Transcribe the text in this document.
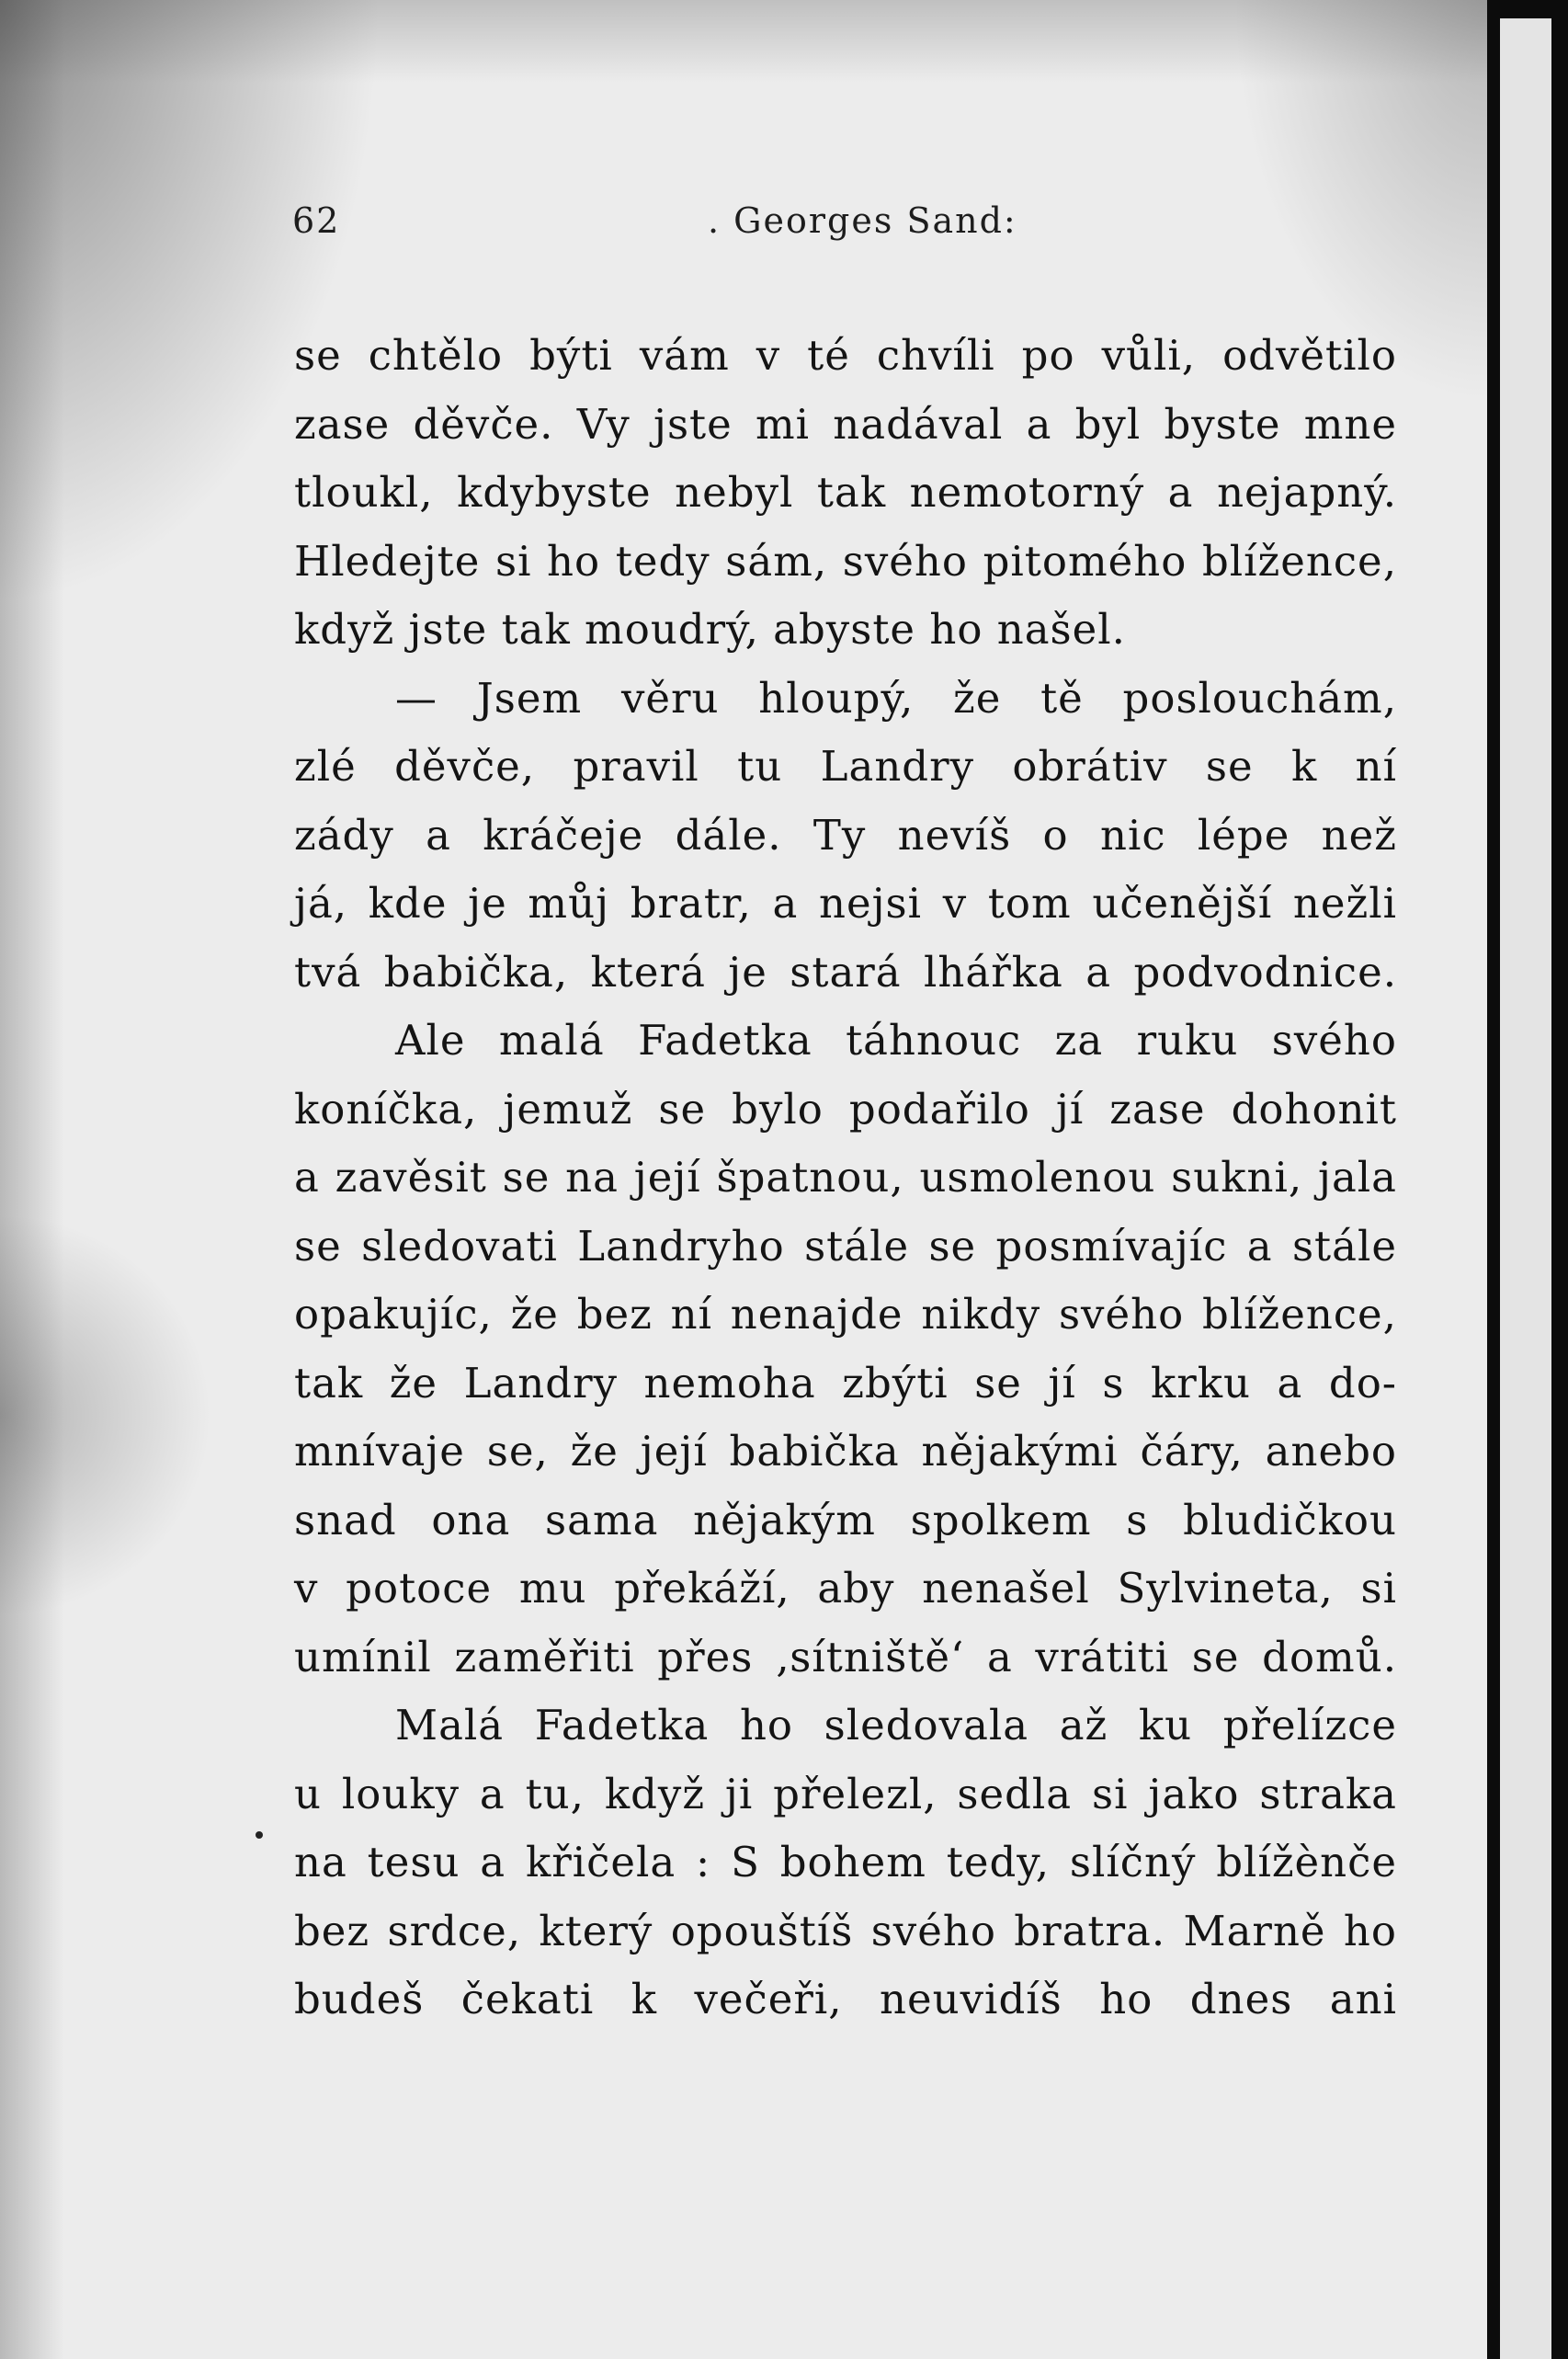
62	. Georges Sand:
se chtělo býti vám v té chvíli po vůli, odvětilo
zase děvče. Vy jste mi nadával a byl byste mne
tloukl, kdybyste nebyl tak nemotorný a nejapný.
Hledejte si ho tedy sám, svého pitomého blížence,
když jste tak moudrý, abyste ho našel.
— Jsem věru hloupý, že tě poslouchám,
zlé děvče, pravil tu Landry obrátiv se k ní
zády a kráčeje dále. Ty nevíš o nic lépe než
já, kde je můj bratr, a nejsi v tom učenější nežli
tvá babička, která je stará lhářka a podvodnice.
Ale malá Fadetka táhnouc za ruku svého
koníčka, jemuž se bylo podařilo jí zase dohonit
a zavěsit se na její špatnou, usmolenou sukni, jala
se sledovati Landryho stále se posmívajíc a stále
opakujíc, že bez ní nenajde nikdy svého blížence,
tak že Landry nemoha zbýti se jí s krku a do-
mnívaje se, že její babička nějakými čáry, anebo
snad ona sama nějakým spolkem s bludičkou
v potoce mu překáží, aby nenašel Sylvineta, si
umínil zaměřiti přes ‚sítniště‘ a vrátiti se domů.
Malá Fadetka ho sledovala až ku přelízce
u louky a tu, když ji přelezl, sedla si jako straka
na tesu a křičela : S bohem tedy, slíčný blížènče
bez srdce, který opouštíš svého bratra. Marně ho
budeš čekati k večeři, neuvidíš ho dnes ani
